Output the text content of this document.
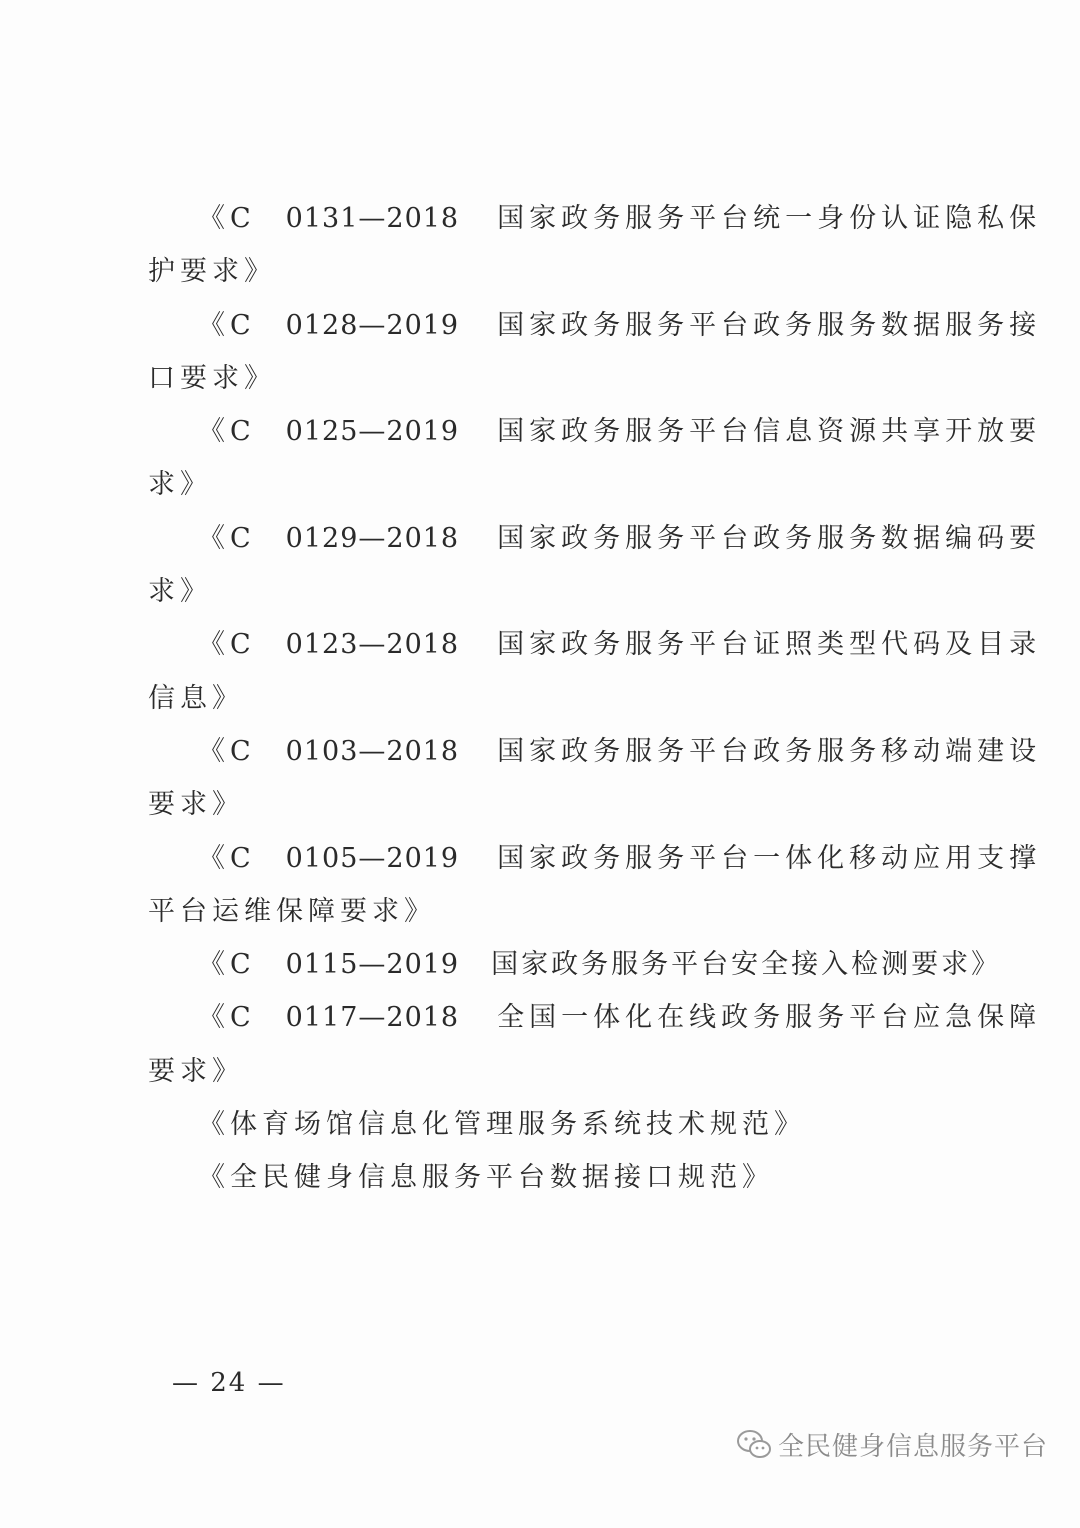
《C 0131—2018 国家政务服务平台统一身份认证隐私保
护要求》
《C 0128—2019 国家政务服务平台政务服务数据服务接
口要求》
《C 0125—2019 国家政务服务平台信息资源共享开放要
求》
《C 0129—2018 国家政务服务平台政务服务数据编码要
求》
《C 0123—2018 国家政务服务平台证照类型代码及目录
信息》
《C 0103—2018 国家政务服务平台政务服务移动端建设
要求》
《C 0105—2019 国家政务服务平台一体化移动应用支撑
平台运维保障要求》
《C 0115—2019 国家政务服务平台安全接入检测要求》
《C 0117—2018 全国一体化在线政务服务平台应急保障
要求》
《体育场馆信息化管理服务系统技术规范》
《全民健身信息服务平台数据接口规范》
— 24 —
全民健身信息服务平台
